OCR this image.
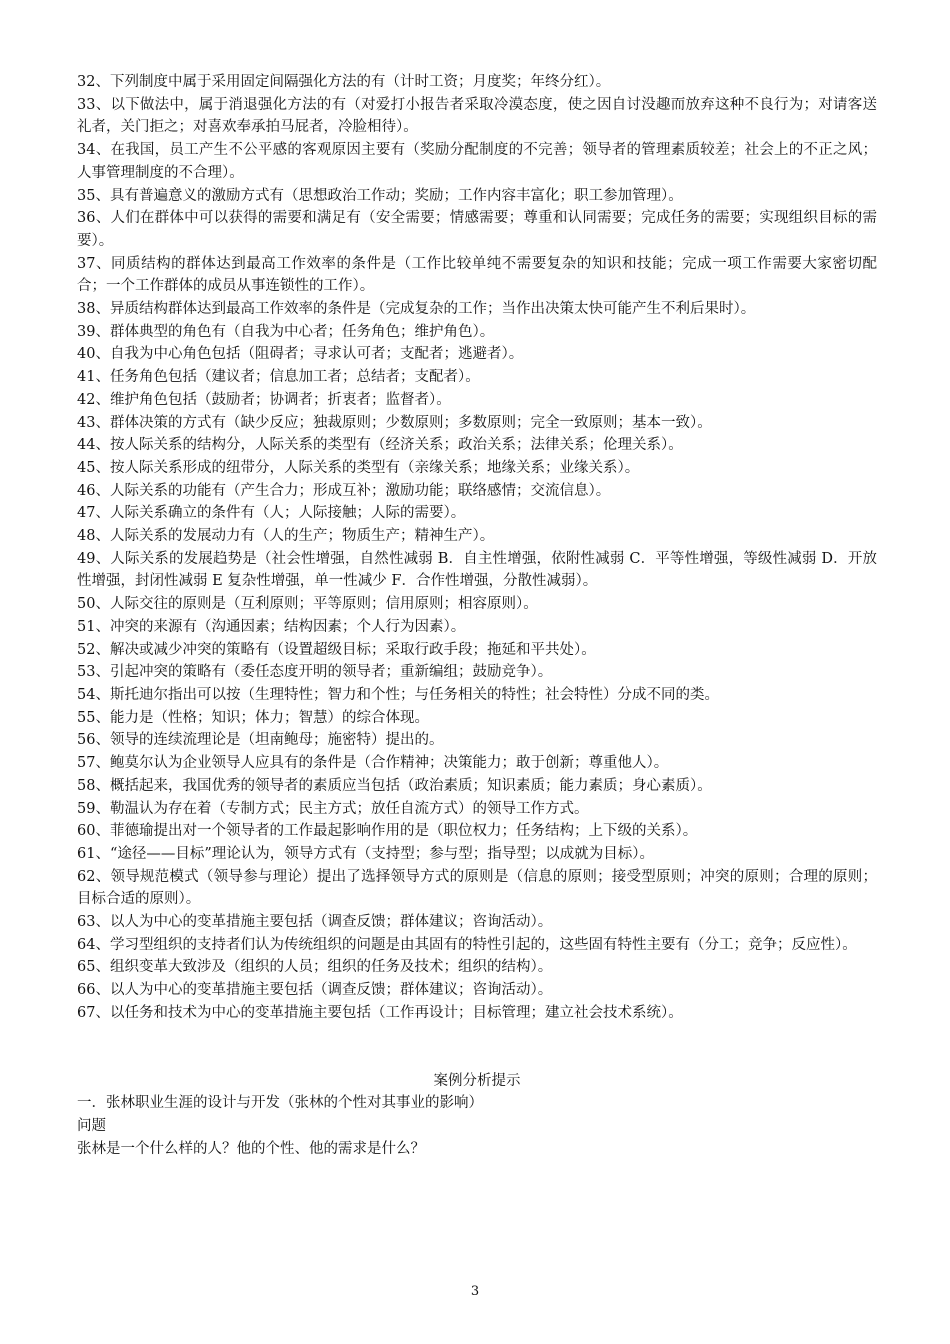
32、下列制度中属于采用固定间隔强化方法的有（计时工资；月度奖；年终分红）。

33、以下做法中，属于消退强化方法的有（对爱打小报告者采取冷漠态度，使之因自讨没趣而放弃这种不良行为；对请客送礼者，关门拒之；对喜欢奉承拍马屁者，冷脸相待）。

34、在我国，员工产生不公平感的客观原因主要有（奖励分配制度的不完善；领导者的管理素质较差；社会上的不正之风；人事管理制度的不合理）。

35、具有普遍意义的激励方式有（思想政治工作动；奖励；工作内容丰富化；职工参加管理）。

36、人们在群体中可以获得的需要和满足有（安全需要；情感需要；尊重和认同需要；完成任务的需要；实现组织目标的需要）。

37、同质结构的群体达到最高工作效率的条件是（工作比较单纯不需要复杂的知识和技能；完成一项工作需要大家密切配合；一个工作群体的成员从事连锁性的工作）。

38、异质结构群体达到最高工作效率的条件是（完成复杂的工作；当作出决策太快可能产生不利后果时）。

39、群体典型的角色有（自我为中心者；任务角色；维护角色）。

40、自我为中心角色包括（阻碍者；寻求认可者；支配者；逃避者）。

41、任务角色包括（建议者；信息加工者；总结者；支配者）。

42、维护角色包括（鼓励者；协调者；折衷者；监督者）。

43、群体决策的方式有（缺少反应；独裁原则；少数原则；多数原则；完全一致原则；基本一致）。

44、按人际关系的结构分，人际关系的类型有（经济关系；政治关系；法律关系；伦理关系）。

45、按人际关系形成的纽带分，人际关系的类型有（亲缘关系；地缘关系；业缘关系）。

46、人际关系的功能有（产生合力；形成互补；激励功能；联络感情；交流信息）。

47、人际关系确立的条件有（人；人际接触；人际的需要）。

48、人际关系的发展动力有（人的生产；物质生产；精神生产）。

49、人际关系的发展趋势是（社会性增强，自然性减弱 B．自主性增强，依附性减弱 C．平等性增强，等级性减弱 D．开放性增强，封闭性减弱 E 复杂性增强，单一性减少 F．合作性增强，分散性减弱）。

50、人际交往的原则是（互利原则；平等原则；信用原则；相容原则）。

51、冲突的来源有（沟通因素；结构因素；个人行为因素）。

52、解决或减少冲突的策略有（设置超级目标；采取行政手段；拖延和平共处）。

53、引起冲突的策略有（委任态度开明的领导者；重新编组；鼓励竞争）。

54、斯托迪尔指出可以按（生理特性；智力和个性；与任务相关的特性；社会特性）分成不同的类。

55、能力是（性格；知识；体力；智慧）的综合体现。

56、领导的连续流理论是（坦南鲍母；施密特）提出的。

57、鲍莫尔认为企业领导人应具有的条件是（合作精神；决策能力；敢于创新；尊重他人）。

58、概括起来，我国优秀的领导者的素质应当包括（政治素质；知识素质；能力素质；身心素质）。

59、勒温认为存在着（专制方式；民主方式；放任自流方式）的领导工作方式。

60、菲德瑜提出对一个领导者的工作最起影响作用的是（职位权力；任务结构；上下级的关系）。

61、“途径——目标”理论认为，领导方式有（支持型；参与型；指导型；以成就为目标）。

62、领导规范模式（领导参与理论）提出了选择领导方式的原则是（信息的原则；接受型原则；冲突的原则；合理的原则；目标合适的原则）。

63、以人为中心的变革措施主要包括（调查反馈；群体建议；咨询活动）。

64、学习型组织的支持者们认为传统组织的问题是由其固有的特性引起的，这些固有特性主要有（分工；竞争；反应性）。

65、组织变革大致涉及（组织的人员；组织的任务及技术；组织的结构）。

66、以人为中心的变革措施主要包括（调查反馈；群体建议；咨询活动）。

67、以任务和技术为中心的变革措施主要包括（工作再设计；目标管理；建立社会技术系统）。

案例分析提示

一．张林职业生涯的设计与开发（张林的个性对其事业的影响）

问题

张林是一个什么样的人？他的个性、他的需求是什么？

3
